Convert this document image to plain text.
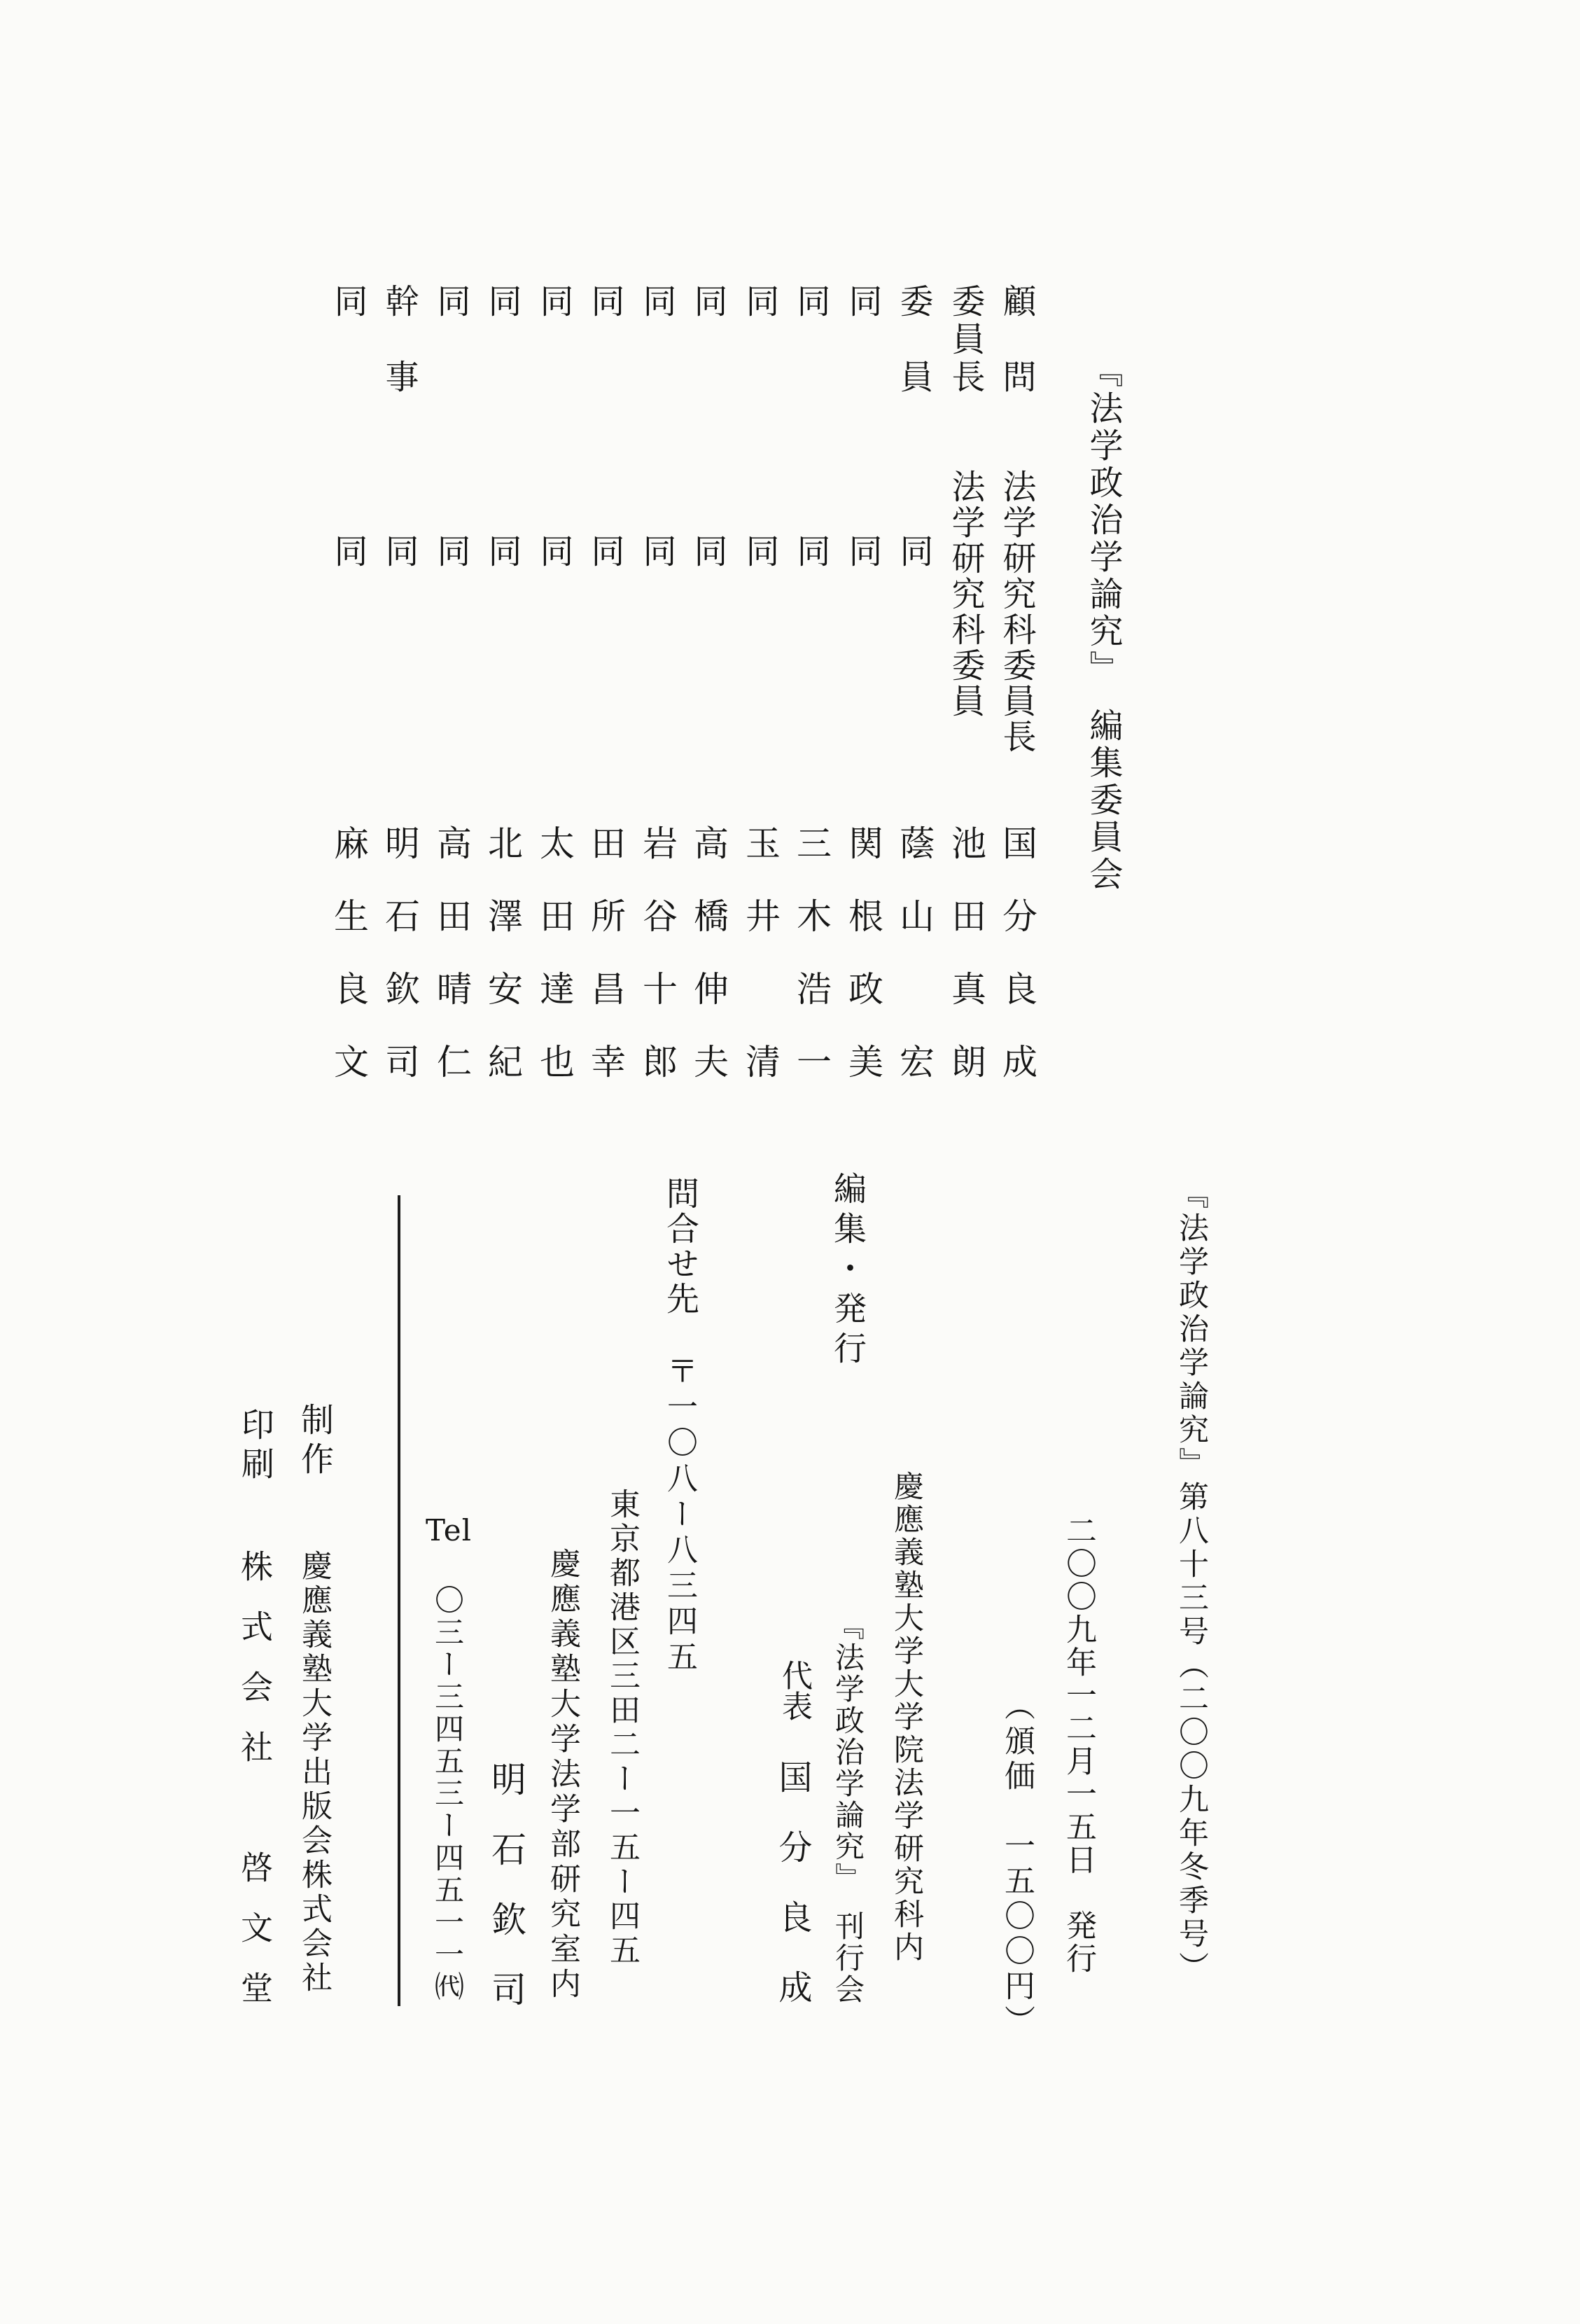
『法学政治学論究』　編集委員会
顧　問
法学研究科委員長
国分良成
委員長
法学研究科委員
池田真朗
委　員
同
蔭山　宏
同
同
関根政美
同
同
三木浩一
同
同
玉井　清
同
同
高橋伸夫
同
同
岩谷十郎
同
同
田所昌幸
同
同
太田達也
同
同
北澤安紀
同
同
高田晴仁
幹　事
同
明石欽司
同
同
麻生良文
『法学政治学論究』第八十三号（二〇〇九年冬季号）
二〇〇九年一二月一五日　発行
（頒価　一五〇〇円）
編集・発行
慶應義塾大学大学院法学研究科内
『法学政治学論究』　刊行会
代表
国分良成
問合せ先
〒一〇八ー八三四五
東京都港区三田二ー一五ー四五
慶應義塾大学法学部研究室内
明石欽司
Tel
〇三ー三四五三ー四五一一㈹
制作
慶應義塾大学出版会株式会社
印刷
株式会社　啓文堂
